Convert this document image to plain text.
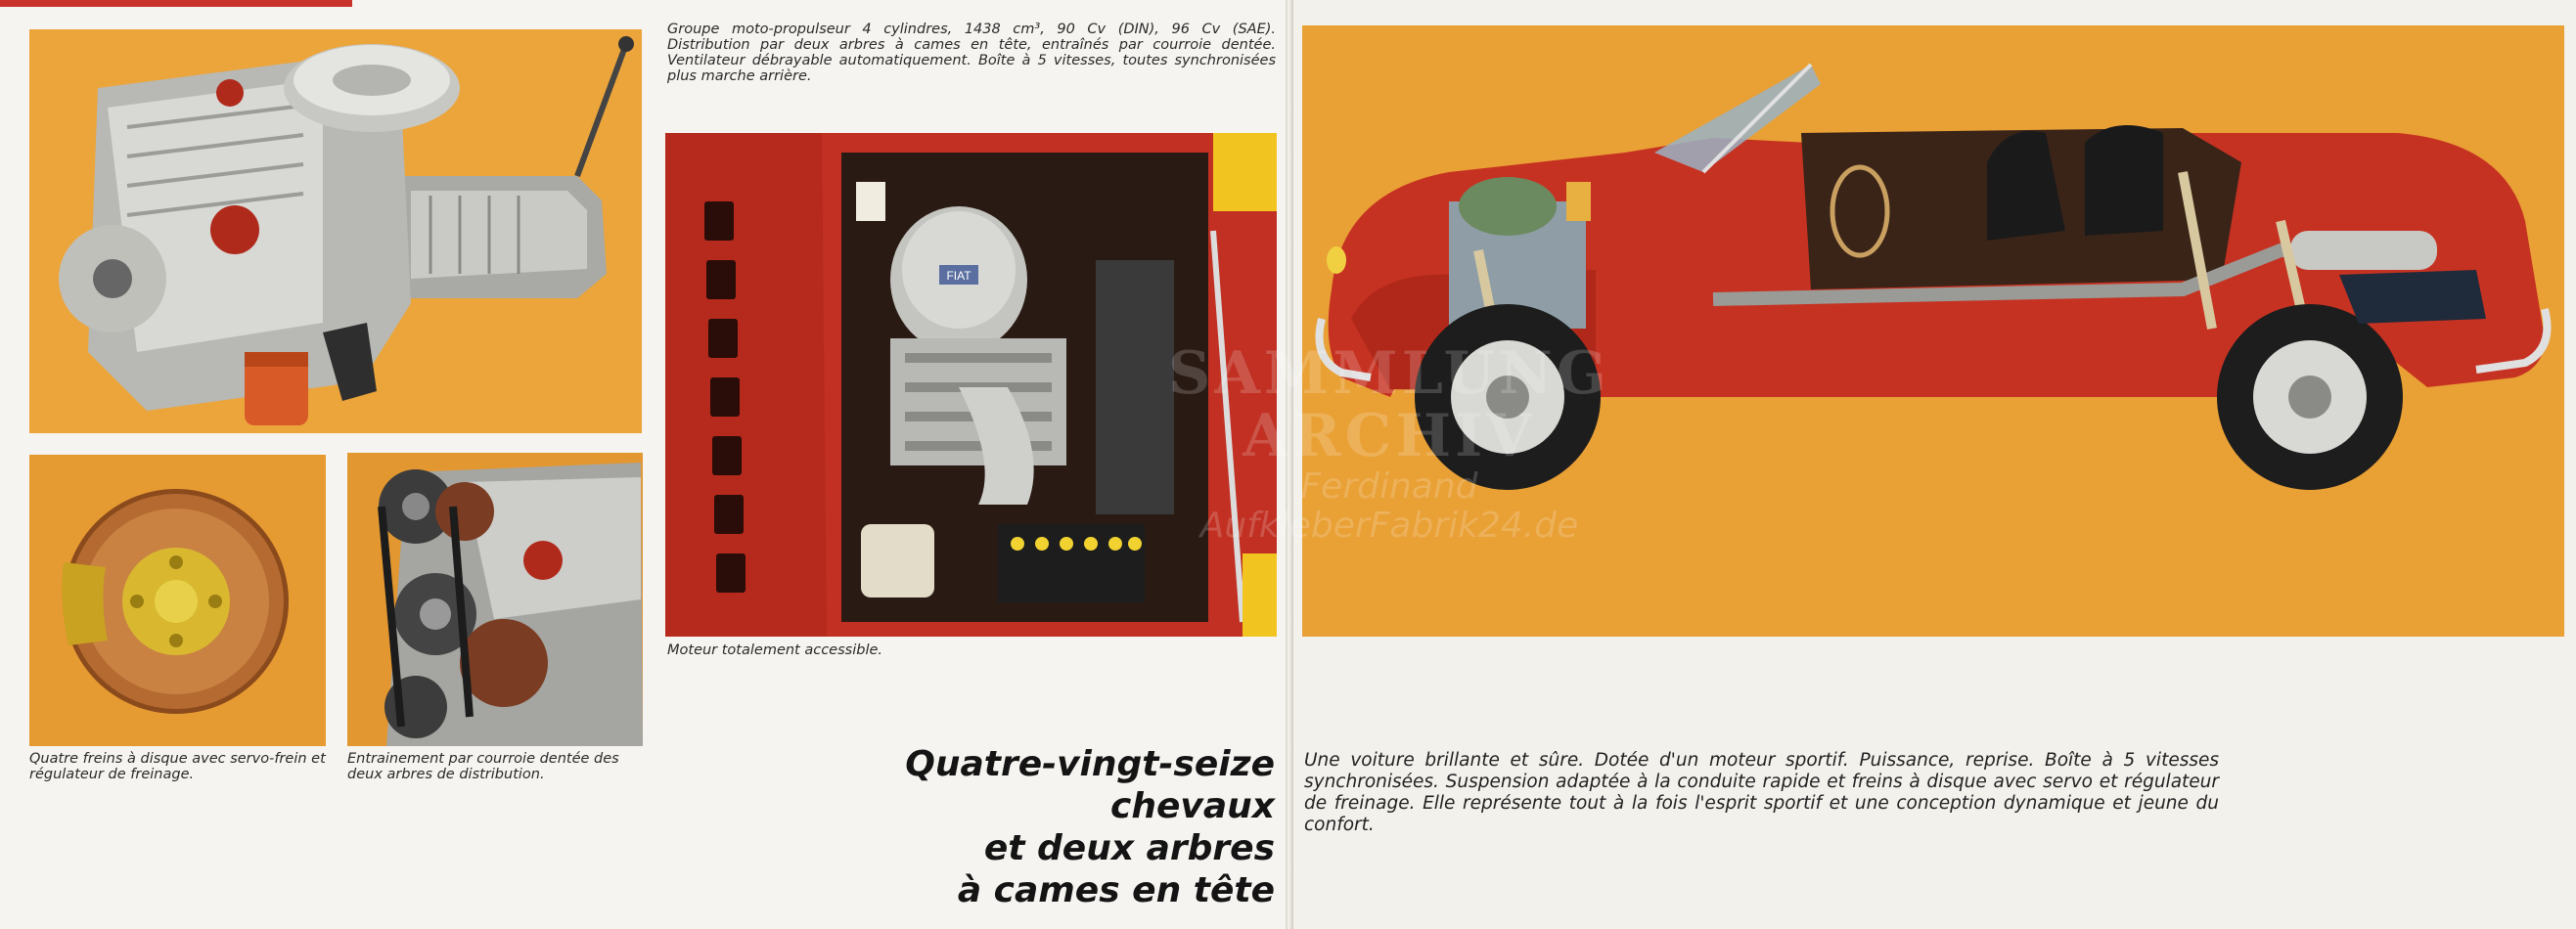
FIAT

Groupe moto-propulseur 4 cylindres, 1438 cm³, 90 Cv (DIN), 96 Cv (SAE). Distribution par deux arbres à cames en tête, entraînés par courroie dentée. Ventilateur débrayable automatiquement. Boîte à 5 vitesses, toutes synchronisées plus marche arrière.

Moteur totalement accessible.

Quatre freins à disque avec servo-frein et régulateur de freinage.

Entrainement par courroie dentée des deux arbres de distribution.	Quatre-vingt-seize
chevaux
et deux arbres
à cames en tête

Une voiture brillante et sûre. Dotée d'un moteur sportif. Puissance, reprise. Boîte à 5 vitesses synchronisées. Suspension adaptée à la conduite rapide et freins à disque avec servo et régulateur de freinage. Elle représente tout à la fois l'esprit sportif et une conception dynamique et jeune du confort.
